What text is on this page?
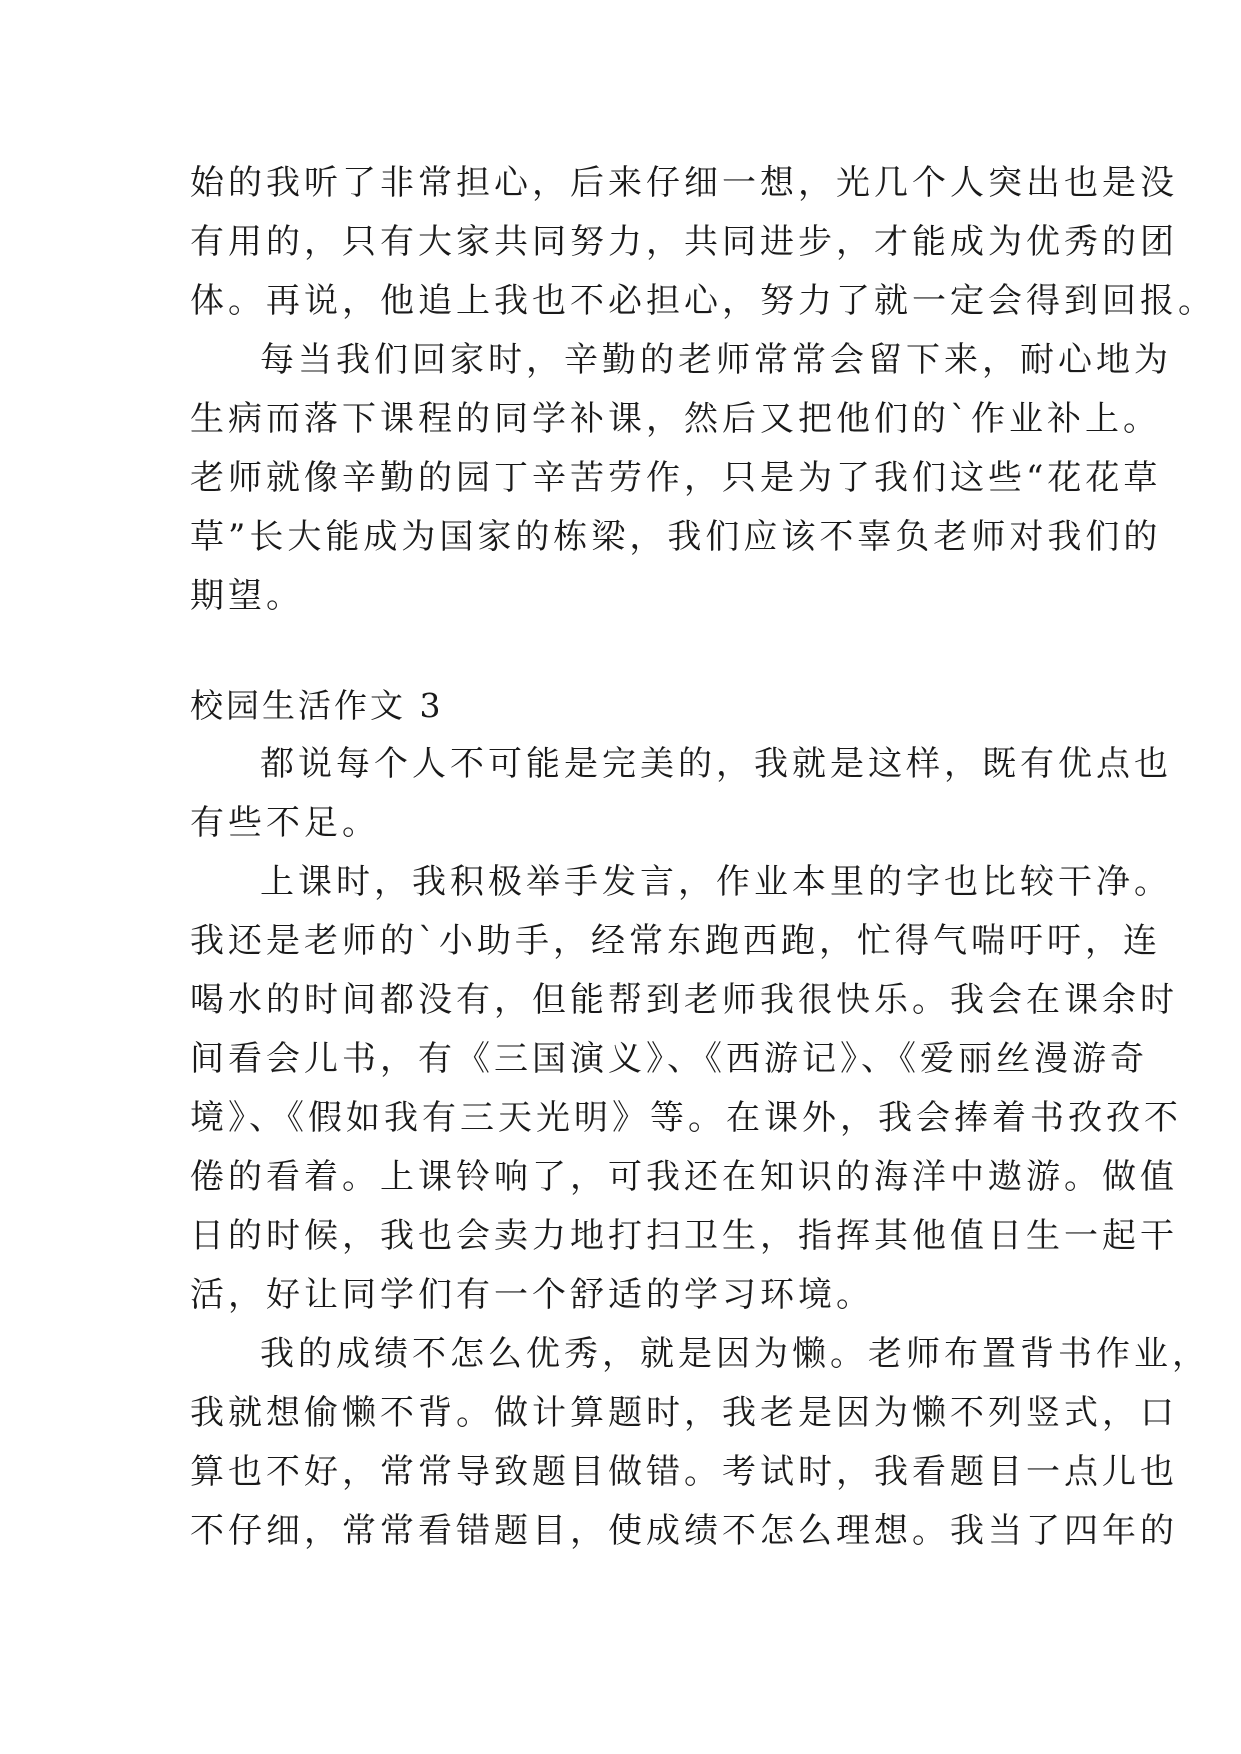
始的我听了非常担心，后来仔细一想，光几个人突出也是没
有用的，只有大家共同努力，共同进步，才能成为优秀的团
体。再说，他追上我也不必担心，努力了就一定会得到回报。
每当我们回家时，辛勤的老师常常会留下来，耐心地为
生病而落下课程的同学补课，然后又把他们的`作业补上。
老师就像辛勤的园丁辛苦劳作，只是为了我们这些“花花草
草”长大能成为国家的栋梁，我们应该不辜负老师对我们的
期望。
校园生活作文 3
都说每个人不可能是完美的，我就是这样，既有优点也
有些不足。
上课时，我积极举手发言，作业本里的字也比较干净。
我还是老师的`小助手，经常东跑西跑，忙得气喘吁吁，连
喝水的时间都没有，但能帮到老师我很快乐。我会在课余时
间看会儿书，有《三国演义》、《西游记》、《爱丽丝漫游奇
境》、《假如我有三天光明》等。在课外，我会捧着书孜孜不
倦的看着。上课铃响了，可我还在知识的海洋中遨游。做值
日的时候，我也会卖力地打扫卫生，指挥其他值日生一起干
活，好让同学们有一个舒适的学习环境。
我的成绩不怎么优秀，就是因为懒。老师布置背书作业，
我就想偷懒不背。做计算题时，我老是因为懒不列竖式，口
算也不好，常常导致题目做错。考试时，我看题目一点儿也
不仔细，常常看错题目，使成绩不怎么理想。我当了四年的
